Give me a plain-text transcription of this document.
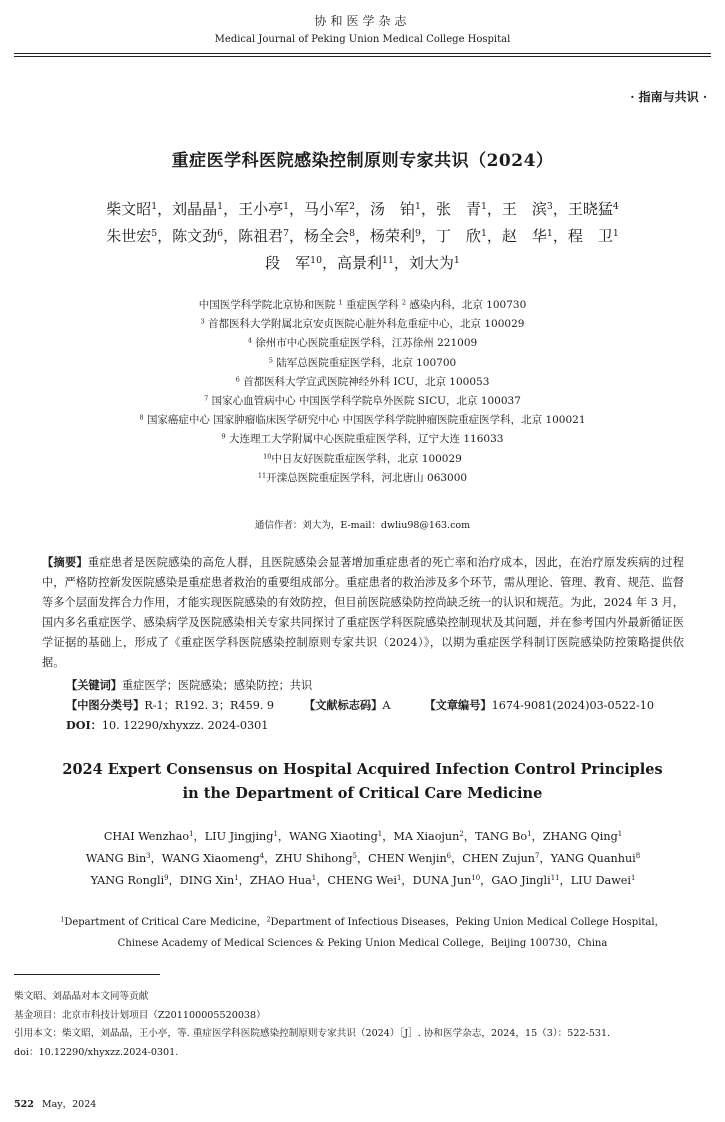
协和医学杂志
Medical Journal of Peking Union Medical College Hospital
· 指南与共识 ·
重症医学科医院感染控制原则专家共识（2024）
柴文昭$^1$，刘晶晶$^1$，王小亭$^1$，马小军$^2$，汤　铂$^1$，张　青$^1$，王　滨$^3$，王晓猛$^4$
朱世宏$^5$，陈文劲$^6$，陈祖君$^7$，杨全会$^8$，杨荣利$^9$，丁　欣$^1$，赵　华$^1$，程　卫$^1$
段　军$^{10}$，高景利$^{11}$，刘大为$^1$
中国医学科学院北京协和医院 $^1$ 重症医学科 $^2$ 感染内科，北京 100730
$^3$ 首都医科大学附属北京安贞医院心脏外科危重症中心，北京 100029
$^4$ 徐州市中心医院重症医学科，江苏徐州 221009
$^5$ 陆军总医院重症医学科，北京 100700
$^6$ 首都医科大学宣武医院神经外科 ICU，北京 100053
$^7$ 国家心血管病中心 中国医学科学院阜外医院 SICU，北京 100037
$^8$ 国家癌症中心 国家肿瘤临床医学研究中心 中国医学科学院肿瘤医院重症医学科，北京 100021
$^9$ 大连理工大学附属中心医院重症医学科，辽宁大连 116033
$^{10}$中日友好医院重症医学科，北京 100029
$^{11}$开滦总医院重症医学科，河北唐山 063000
通信作者：刘大为，E-mail：dwliu98@163.com
【摘要】重症患者是医院感染的高危人群，且医院感染会显著增加重症患者的死亡率和治疗成本，因此，在治疗原发疾病的过程中，严格防控新发医院感染是重症患者救治的重要组成部分。重症患者的救治涉及多个环节，需从理论、管理、教育、规范、监督等多个层面发挥合力作用，才能实现医院感染的有效防控，但目前医院感染防控尚缺乏统一的认识和规范。为此，2024 年 3 月，国内多名重症医学、感染病学及医院感染相关专家共同探讨了重症医学科医院感染控制现状及其问题，并在参考国内外最新循证医学证据的基础上，形成了《重症医学科医院感染控制原则专家共识（2024）》，以期为重症医学科制订医院感染防控策略提供依据。
【关键词】重症医学；医院感染；感染防控；共识
【中图分类号】R-1；R192. 3；R459. 9	【文献标志码】A	【文章编号】1674-9081(2024)03-0522-10
DOI：10. 12290/xhyxzz. 2024-0301
2024 Expert Consensus on Hospital Acquired Infection Control Principles
in the Department of Critical Care Medicine
CHAI Wenzhao$^1$，LIU Jingjing$^1$，WANG Xiaoting$^1$，MA Xiaojun$^2$，TANG Bo$^1$，ZHANG Qing$^1$
WANG Bin$^3$，WANG Xiaomeng$^4$，ZHU Shihong$^5$，CHEN Wenjin$^6$，CHEN Zujun$^7$，YANG Quanhui$^8$
YANG Rongli$^9$，DING Xin$^1$，ZHAO Hua$^1$，CHENG Wei$^1$，DUNA Jun$^{10}$，GAO Jingli$^{11}$，LIU Dawei$^1$
$^1$Department of Critical Care Medicine，$^2$Department of Infectious Diseases，Peking Union Medical College Hospital，
Chinese Academy of Medical Sciences & Peking Union Medical College，Beijing 100730，China
柴文昭、刘晶晶对本文同等贡献
基金项目：北京市科技计划项目（Z201100005520038）
引用本文：柴文昭，刘晶晶，王小亭，等. 重症医学科医院感染控制原则专家共识（2024）［J］. 协和医学杂志，2024，15（3）：522-531.
doi：10.12290/xhyxzz.2024-0301.
522 May，2024
